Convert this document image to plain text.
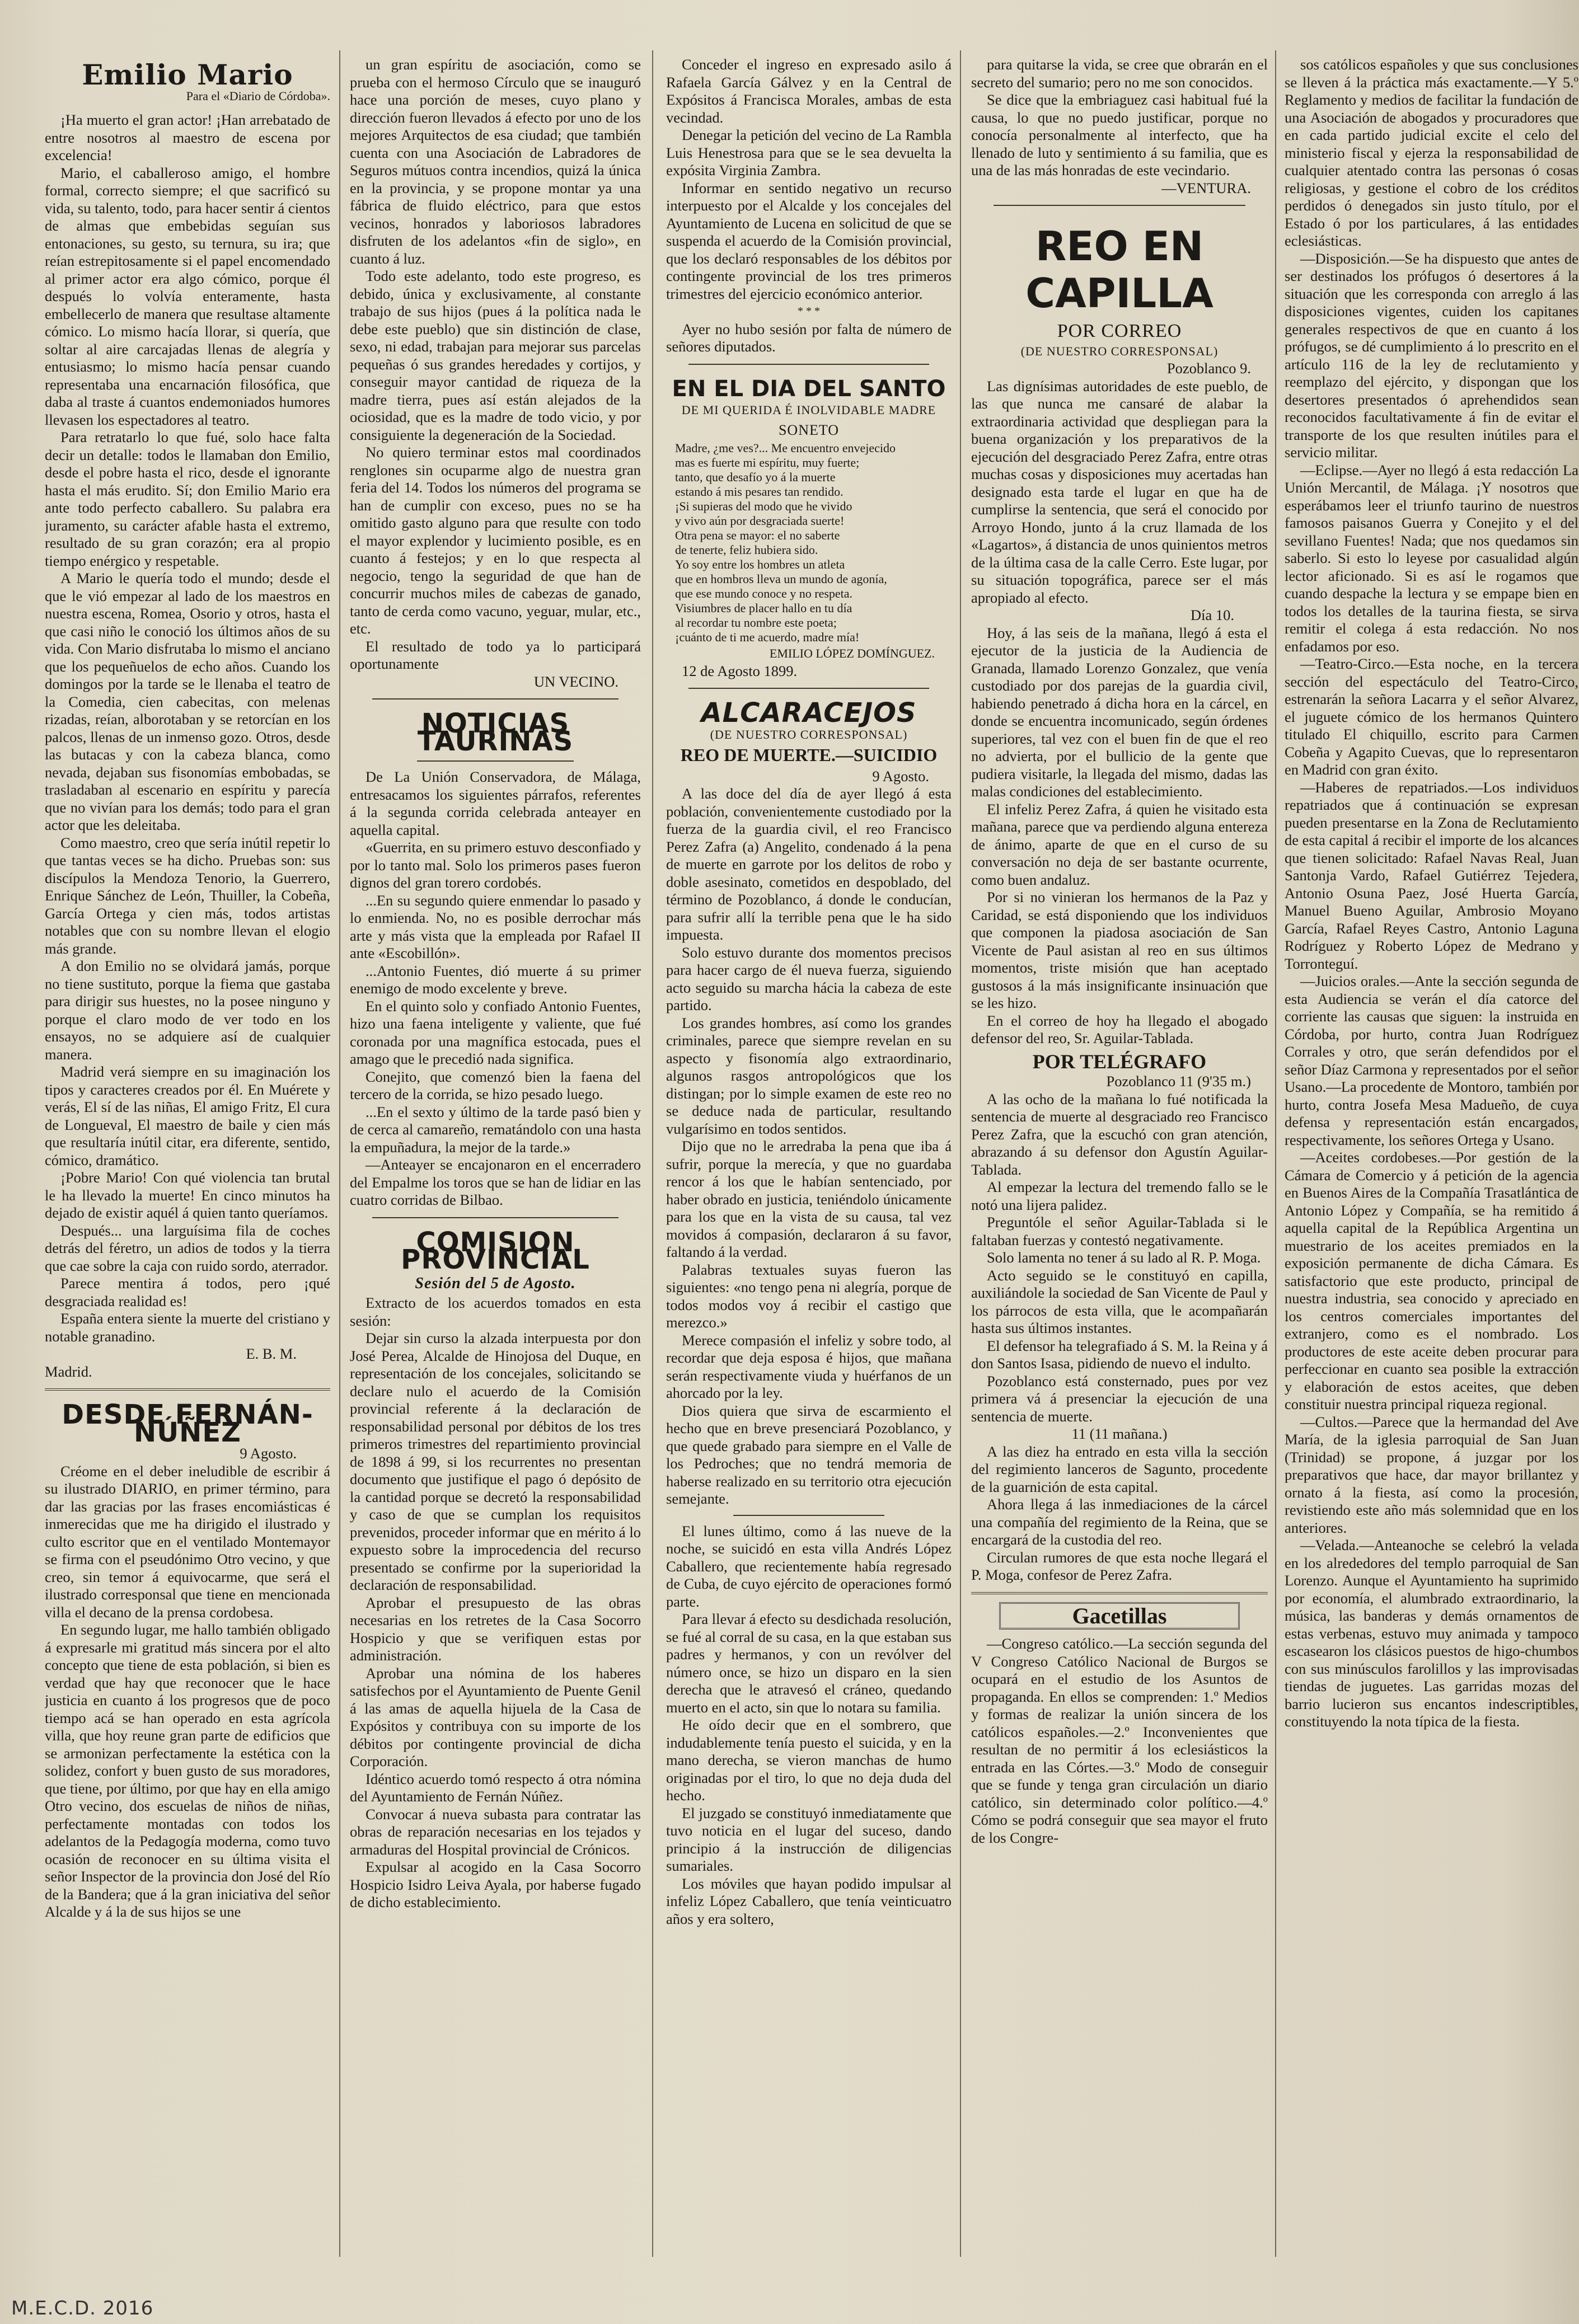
Emilio Mario
Para el «Diario de Córdoba».

¡Ha muerto el gran actor! ¡Han arrebatado de entre nosotros al maestro de escena por excelencia!

Mario, el caballeroso amigo, el hombre formal, correcto siempre; el que sacrificó su vida, su talento, todo, para hacer sentir á cientos de almas que embebidas seguían sus entonaciones, su gesto, su ternura, su ira; que reían estrepitosamente si el papel encomendado al primer actor era algo cómico, porque él después lo volvía enteramente, hasta embellecerlo de manera que resultase altamente cómico. Lo mismo hacía llorar, si quería, que soltar al aire carcajadas llenas de alegría y entusiasmo; lo mismo hacía pensar cuando representaba una encarnación filosófica, que daba al traste á cuantos endemoniados humores llevasen los espectadores al teatro.

Para retratarlo lo que fué, solo hace falta decir un detalle: todos le llamaban don Emilio, desde el pobre hasta el rico, desde el ignorante hasta el más erudito. Sí; don Emilio Mario era ante todo perfecto caballero. Su palabra era juramento, su carácter afable hasta el extremo, resultado de su gran corazón; era al propio tiempo enérgico y respetable.

A Mario le quería todo el mundo; desde el que le vió empezar al lado de los maestros en nuestra escena, Romea, Osorio y otros, hasta el que casi niño le conoció los últimos años de su vida. Con Mario disfrutaba lo mismo el anciano que los pequeñuelos de echo años. Cuando los domingos por la tarde se le llenaba el teatro de la Comedia, cien cabecitas, con melenas rizadas, reían, alborotaban y se retorcían en los palcos, llenas de un inmenso gozo. Otros, desde las butacas y con la cabeza blanca, como nevada, dejaban sus fisonomías embobadas, se trasladaban al escenario en espíritu y parecía que no vivían para los demás; todo para el gran actor que les deleitaba.

Como maestro, creo que sería inútil repetir lo que tantas veces se ha dicho. Pruebas son: sus discípulos la Mendoza Tenorio, la Guerrero, Enrique Sánchez de León, Thuiller, la Cobeña, García Ortega y cien más, todos artistas notables que con su nombre llevan el elogio más grande.

A don Emilio no se olvidará jamás, porque no tiene sustituto, porque la fiema que gastaba para dirigir sus huestes, no la posee ninguno y porque el claro modo de ver todo en los ensayos, no se adquiere así de cualquier manera.

Madrid verá siempre en su imaginación los tipos y caracteres creados por él. En Muérete y verás, El sí de las niñas, El amigo Fritz, El cura de Longueval, El maestro de baile y cien más que resultaría inútil citar, era diferente, sentido, cómico, dramático.

¡Pobre Mario! Con qué violencia tan brutal le ha llevado la muerte! En cinco minutos ha dejado de existir aquél á quien tanto queríamos.

Después... una larguísima fila de coches detrás del féretro, un adios de todos y la tierra que cae sobre la caja con ruido sordo, aterrador.

Parece mentira á todos, pero ¡qué desgraciada realidad es!

España entera siente la muerte del cristiano y notable granadino.

E. B. M.

Madrid.

DESDE FERNÁN-NÚÑEZ
9 Agosto.

Créome en el deber ineludible de escribir á su ilustrado DIARIO, en primer término, para dar las gracias por las frases encomiásticas é inmerecidas que me ha dirigido el ilustrado y culto escritor que en el ventilado Montemayor se firma con el pseudónimo Otro vecino, y que creo, sin temor á equivocarme, que será el ilustrado corresponsal que tiene en mencionada villa el decano de la prensa cordobesa.

En segundo lugar, me hallo también obligado á expresarle mi gratitud más sincera por el alto concepto que tiene de esta población, si bien es verdad que hay que reconocer que le hace justicia en cuanto á los progresos que de poco tiempo acá se han operado en esta agrícola villa, que hoy reune gran parte de edificios que se armonizan perfectamente la estética con la solidez, confort y buen gusto de sus moradores, que tiene, por último, por que hay en ella amigo Otro vecino, dos escuelas de niños de niñas, perfectamente montadas con todos los adelantos de la Pedagogía moderna, como tuvo ocasión de reconocer en su última visita el señor Inspector de la provincia don José del Río de la Bandera; que á la gran iniciativa del señor Alcalde y á la de sus hijos se une

un gran espíritu de asociación, como se prueba con el hermoso Círculo que se inauguró hace una porción de meses, cuyo plano y dirección fueron llevados á efecto por uno de los mejores Arquitectos de esa ciudad; que también cuenta con una Asociación de Labradores de Seguros mútuos contra incendios, quizá la única en la provincia, y se propone montar ya una fábrica de fluido eléctrico, para que estos vecinos, honrados y laboriosos labradores disfruten de los adelantos «fin de siglo», en cuanto á luz.

Todo este adelanto, todo este progreso, es debido, única y exclusivamente, al constante trabajo de sus hijos (pues á la política nada le debe este pueblo) que sin distinción de clase, sexo, ni edad, trabajan para mejorar sus parcelas pequeñas ó sus grandes heredades y cortijos, y conseguir mayor cantidad de riqueza de la madre tierra, pues así están alejados de la ociosidad, que es la madre de todo vicio, y por consiguiente la degeneración de la Sociedad.

No quiero terminar estos mal coordinados renglones sin ocuparme algo de nuestra gran feria del 14. Todos los números del programa se han de cumplir con exceso, pues no se ha omitido gasto alguno para que resulte con todo el mayor explendor y lucimiento posible, es en cuanto á festejos; y en lo que respecta al negocio, tengo la seguridad de que han de concurrir muchos miles de cabezas de ganado, tanto de cerda como vacuno, yeguar, mular, etc., etc.

El resultado de todo ya lo participará oportunamente

UN VECINO.
NOTICIAS TAURINAS

De La Unión Conservadora, de Málaga, entresacamos los siguientes párrafos, referentes á la segunda corrida celebrada anteayer en aquella capital.

«Guerrita, en su primero estuvo desconfiado y por lo tanto mal. Solo los primeros pases fueron dignos del gran torero cordobés.

...En su segundo quiere enmendar lo pasado y lo enmienda. No, no es posible derrochar más arte y más vista que la empleada por Rafael II ante «Escobillón».

...Antonio Fuentes, dió muerte á su primer enemigo de modo excelente y breve.

En el quinto solo y confiado Antonio Fuentes, hizo una faena inteligente y valiente, que fué coronada por una magnífica estocada, pues el amago que le precedió nada significa.

Conejito, que comenzó bien la faena del tercero de la corrida, se hizo pesado luego.

...En el sexto y último de la tarde pasó bien y de cerca al camareño, rematándolo con una hasta la empuñadura, la mejor de la tarde.»

—Anteayer se encajonaron en el encerradero del Empalme los toros que se han de lidiar en las cuatro corridas de Bilbao.

COMISION PROVINCIAL
Sesión del 5 de Agosto.

Extracto de los acuerdos tomados en esta sesión:

Dejar sin curso la alzada interpuesta por don José Perea, Alcalde de Hinojosa del Duque, en representación de los concejales, solicitando se declare nulo el acuerdo de la Comisión provincial referente á la declaración de responsabilidad personal por débitos de los tres primeros trimestres del repartimiento provincial de 1898 á 99, si los recurrentes no presentan documento que justifique el pago ó depósito de la cantidad porque se decretó la responsabilidad y caso de que se cumplan los requisitos prevenidos, proceder informar que en mérito á lo expuesto sobre la improcedencia del recurso presentado se confirme por la superioridad la declaración de responsabilidad.

Aprobar el presupuesto de las obras necesarias en los retretes de la Casa Socorro Hospicio y que se verifiquen estas por administración.

Aprobar una nómina de los haberes satisfechos por el Ayuntamiento de Puente Genil á las amas de aquella hijuela de la Casa de Expósitos y contribuya con su importe de los débitos por contingente provincial de dicha Corporación.

Idéntico acuerdo tomó respecto á otra nómina del Ayuntamiento de Fernán Núñez.

Convocar á nueva subasta para contratar las obras de reparación necesarias en los tejados y armaduras del Hospital provincial de Crónicos.

Expulsar al acogido en la Casa Socorro Hospicio Isidro Leiva Ayala, por haberse fugado de dicho establecimiento.

Conceder el ingreso en expresado asilo á Rafaela García Gálvez y en la Central de Expósitos á Francisca Morales, ambas de esta vecindad.

Denegar la petición del vecino de La Rambla Luis Henestrosa para que se le sea devuelta la expósita Virginia Zambra.

Informar en sentido negativo un recurso interpuesto por el Alcalde y los concejales del Ayuntamiento de Lucena en solicitud de que se suspenda el acuerdo de la Comisión provincial, que los declaró responsables de los débitos por contingente provincial de los tres primeros trimestres del ejercicio económico anterior.

* * *

Ayer no hubo sesión por falta de número de señores diputados.

EN EL DIA DEL SANTO
DE MI QUERIDA É INOLVIDABLE MADRE
SONETO

Madre, ¿me ves?... Me encuentro envejecido

mas es fuerte mi espíritu, muy fuerte;

tanto, que desafío yo á la muerte

estando á mis pesares tan rendido.

¡Si supieras del modo que he vivido

y vivo aún por desgraciada suerte!

Otra pena se mayor: el no saberte

de tenerte, feliz hubiera sido.

Yo soy entre los hombres un atleta

que en hombros lleva un mundo de agonía,

que ese mundo conoce y no respeta.

Visiumbres de placer hallo en tu día

al recordar tu nombre este poeta;

¡cuánto de ti me acuerdo, madre mía!

EMILIO LÓPEZ DOMÍNGUEZ.

12 de Agosto 1899.

ALCARACEJOS
(DE NUESTRO CORRESPONSAL)
REO DE MUERTE.—SUICIDIO
9 Agosto.

A las doce del día de ayer llegó á esta población, convenientemente custodiado por la fuerza de la guardia civil, el reo Francisco Perez Zafra (a) Angelito, condenado á la pena de muerte en garrote por los delitos de robo y doble asesinato, cometidos en despoblado, del término de Pozoblanco, á donde le conducían, para sufrir allí la terrible pena que le ha sido impuesta.

Solo estuvo durante dos momentos precisos para hacer cargo de él nueva fuerza, siguiendo acto seguido su marcha hácia la cabeza de este partido.

Los grandes hombres, así como los grandes criminales, parece que siempre revelan en su aspecto y fisonomía algo extraordinario, algunos rasgos antropológicos que los distingan; por lo simple examen de este reo no se deduce nada de particular, resultando vulgarísimo en todos sentidos.

Dijo que no le arredraba la pena que iba á sufrir, porque la merecía, y que no guardaba rencor á los que le habían sentenciado, por haber obrado en justicia, teniéndolo únicamente para los que en la vista de su causa, tal vez movidos á compasión, declararon á su favor, faltando á la verdad.

Palabras textuales suyas fueron las siguientes: «no tengo pena ni alegría, porque de todos modos voy á recibir el castigo que merezco.»

Merece compasión el infeliz y sobre todo, al recordar que deja esposa é hijos, que mañana serán respectivamente viuda y huérfanos de un ahorcado por la ley.

Dios quiera que sirva de escarmiento el hecho que en breve presenciará Pozoblanco, y que quede grabado para siempre en el Valle de los Pedroches; que no tendrá memoria de haberse realizado en su territorio otra ejecución semejante.

El lunes último, como á las nueve de la noche, se suicidó en esta villa Andrés López Caballero, que recientemente había regresado de Cuba, de cuyo ejército de operaciones formó parte.

Para llevar á efecto su desdichada resolución, se fué al corral de su casa, en la que estaban sus padres y hermanos, y con un revólver del número once, se hizo un disparo en la sien derecha que le atravesó el cráneo, quedando muerto en el acto, sin que lo notara su familia.

He oído decir que en el sombrero, que indudablemente tenía puesto el suicida, y en la mano derecha, se vieron manchas de humo originadas por el tiro, lo que no deja duda del hecho.

El juzgado se constituyó inmediatamente que tuvo noticia en el lugar del suceso, dando principio á la instrucción de diligencias sumariales.

Los móviles que hayan podido impulsar al infeliz López Caballero, que tenía veinticuatro años y era soltero,

para quitarse la vida, se cree que obrarán en el secreto del sumario; pero no me son conocidos.

Se dice que la embriaguez casi habitual fué la causa, lo que no puedo justificar, porque no conocía personalmente al interfecto, que ha llenado de luto y sentimiento á su familia, que es una de las más honradas de este vecindario.

—VENTURA.
REO EN CAPILLA
POR CORREO
(DE NUESTRO CORRESPONSAL)
Pozoblanco 9.

Las dignísimas autoridades de este pueblo, de las que nunca me cansaré de alabar la extraordinaria actividad que despliegan para la buena organización y los preparativos de la ejecución del desgraciado Perez Zafra, entre otras muchas cosas y disposiciones muy acertadas han designado esta tarde el lugar en que ha de cumplirse la sentencia, que será el conocido por Arroyo Hondo, junto á la cruz llamada de los «Lagartos», á distancia de unos quinientos metros de la última casa de la calle Cerro. Este lugar, por su situación topográfica, parece ser el más apropiado al efecto.

Día 10.

Hoy, á las seis de la mañana, llegó á esta el ejecutor de la justicia de la Audiencia de Granada, llamado Lorenzo Gonzalez, que venía custodiado por dos parejas de la guardia civil, habiendo penetrado á dicha hora en la cárcel, en donde se encuentra incomunicado, según órdenes superiores, tal vez con el buen fin de que el reo no advierta, por el bullicio de la gente que pudiera visitarle, la llegada del mismo, dadas las malas condiciones del establecimiento.

El infeliz Perez Zafra, á quien he visitado esta mañana, parece que va perdiendo alguna entereza de ánimo, aparte de que en el curso de su conversación no deja de ser bastante ocurrente, como buen andaluz.

Por si no vinieran los hermanos de la Paz y Caridad, se está disponiendo que los individuos que componen la piadosa asociación de San Vicente de Paul asistan al reo en sus últimos momentos, triste misión que han aceptado gustosos á la más insignificante insinuación que se les hizo.

En el correo de hoy ha llegado el abogado defensor del reo, Sr. Aguilar-Tablada.

POR TELÉGRAFO
Pozoblanco 11 (9'35 m.)

A las ocho de la mañana lo fué notificada la sentencia de muerte al desgraciado reo Francisco Perez Zafra, que la escuchó con gran atención, abrazando á su defensor don Agustín Aguilar-Tablada.

Al empezar la lectura del tremendo fallo se le notó una lijera palidez.

Preguntóle el señor Aguilar-Tablada si le faltaban fuerzas y contestó negativamente.

Solo lamenta no tener á su lado al R. P. Moga.

Acto seguido se le constituyó en capilla, auxiliándole la sociedad de San Vicente de Paul y los párrocos de esta villa, que le acompañarán hasta sus últimos instantes.

El defensor ha telegrafiado á S. M. la Reina y á don Santos Isasa, pidiendo de nuevo el indulto.

Pozoblanco está consternado, pues por vez primera vá á presenciar la ejecución de una sentencia de muerte.

11 (11 mañana.)

A las diez ha entrado en esta villa la sección del regimiento lanceros de Sagunto, procedente de la guarnición de esta capital.

Ahora llega á las inmediaciones de la cárcel una compañía del regimiento de la Reina, que se encargará de la custodia del reo.

Circulan rumores de que esta noche llegará el P. Moga, confesor de Perez Zafra.

Gacetillas

—Congreso católico.—La sección segunda del V Congreso Católico Nacional de Burgos se ocupará en el estudio de los Asuntos de propaganda. En ellos se comprenden: 1.º Medios y formas de realizar la unión sincera de los católicos españoles.—2.º Inconvenientes que resultan de no permitir á los eclesiásticos la entrada en las Córtes.—3.º Modo de conseguir que se funde y tenga gran circulación un diario católico, sin determinado color político.—4.º Cómo se podrá conseguir que sea mayor el fruto de los Congre-

sos católicos españoles y que sus conclusiones se lleven á la práctica más exactamente.—Y 5.º Reglamento y medios de facilitar la fundación de una Asociación de abogados y procuradores que en cada partido judicial excite el celo del ministerio fiscal y ejerza la responsabilidad de cualquier atentado contra las personas ó cosas religiosas, y gestione el cobro de los créditos perdidos ó denegados sin justo título, por el Estado ó por los particulares, á las entidades eclesiásticas.

—Disposición.—Se ha dispuesto que antes de ser destinados los prófugos ó desertores á la situación que les corresponda con arreglo á las disposiciones vigentes, cuiden los capitanes generales respectivos de que en cuanto á los prófugos, se dé cumplimiento á lo prescrito en el artículo 116 de la ley de reclutamiento y reemplazo del ejército, y dispongan que los desertores presentados ó aprehendidos sean reconocidos facultativamente á fin de evitar el transporte de los que resulten inútiles para el servicio militar.

—Eclipse.—Ayer no llegó á esta redacción La Unión Mercantil, de Málaga. ¡Y nosotros que esperábamos leer el triunfo taurino de nuestros famosos paisanos Guerra y Conejito y el del sevillano Fuentes! Nada; que nos quedamos sin saberlo. Si esto lo leyese por casualidad algún lector aficionado. Si es así le rogamos que cuando despache la lectura y se empape bien en todos los detalles de la taurina fiesta, se sirva remitir el colega á esta redacción. No nos enfadamos por eso.

—Teatro-Circo.—Esta noche, en la tercera sección del espectáculo del Teatro-Circo, estrenarán la señora Lacarra y el señor Alvarez, el juguete cómico de los hermanos Quintero titulado El chiquillo, escrito para Carmen Cobeña y Agapito Cuevas, que lo representaron en Madrid con gran éxito.

—Haberes de repatriados.—Los individuos repatriados que á continuación se expresan pueden presentarse en la Zona de Reclutamiento de esta capital á recibir el importe de los alcances que tienen solicitado: Rafael Navas Real, Juan Santonja Vardo, Rafael Gutiérrez Tejedera, Antonio Osuna Paez, José Huerta García, Manuel Bueno Aguilar, Ambrosio Moyano García, Rafael Reyes Castro, Antonio Laguna Rodríguez y Roberto López de Medrano y Torronteguí.

—Juicios orales.—Ante la sección segunda de esta Audiencia se verán el día catorce del corriente las causas que siguen: la instruida en Córdoba, por hurto, contra Juan Rodríguez Corrales y otro, que serán defendidos por el señor Díaz Carmona y representados por el señor Usano.—La procedente de Montoro, también por hurto, contra Josefa Mesa Madueño, de cuya defensa y representación están encargados, respectivamente, los señores Ortega y Usano.

—Aceites cordobeses.—Por gestión de la Cámara de Comercio y á petición de la agencia en Buenos Aires de la Compañía Trasatlántica de Antonio López y Compañía, se ha remitido á aquella capital de la República Argentina un muestrario de los aceites premiados en la exposición permanente de dicha Cámara. Es satisfactorio que este producto, principal de nuestra industria, sea conocido y apreciado en los centros comerciales importantes del extranjero, como es el nombrado. Los productores de este aceite deben procurar para perfeccionar en cuanto sea posible la extracción y elaboración de estos aceites, que deben constituir nuestra principal riqueza regional.

—Cultos.—Parece que la hermandad del Ave María, de la iglesia parroquial de San Juan (Trinidad) se propone, á juzgar por los preparativos que hace, dar mayor brillantez y ornato á la fiesta, así como la procesión, revistiendo este año más solemnidad que en los anteriores.

—Velada.—Anteanoche se celebró la velada en los alrededores del templo parroquial de San Lorenzo. Aunque el Ayuntamiento ha suprimido por economía, el alumbrado extraordinario, la música, las banderas y demás ornamentos de estas verbenas, estuvo muy animada y tampoco escasearon los clásicos puestos de higo-chumbos con sus minúsculos farolillos y las improvisadas tiendas de juguetes. Las garridas mozas del barrio lucieron sus encantos indescriptibles, constituyendo la nota típica de la fiesta.

M.E.C.D. 2016
